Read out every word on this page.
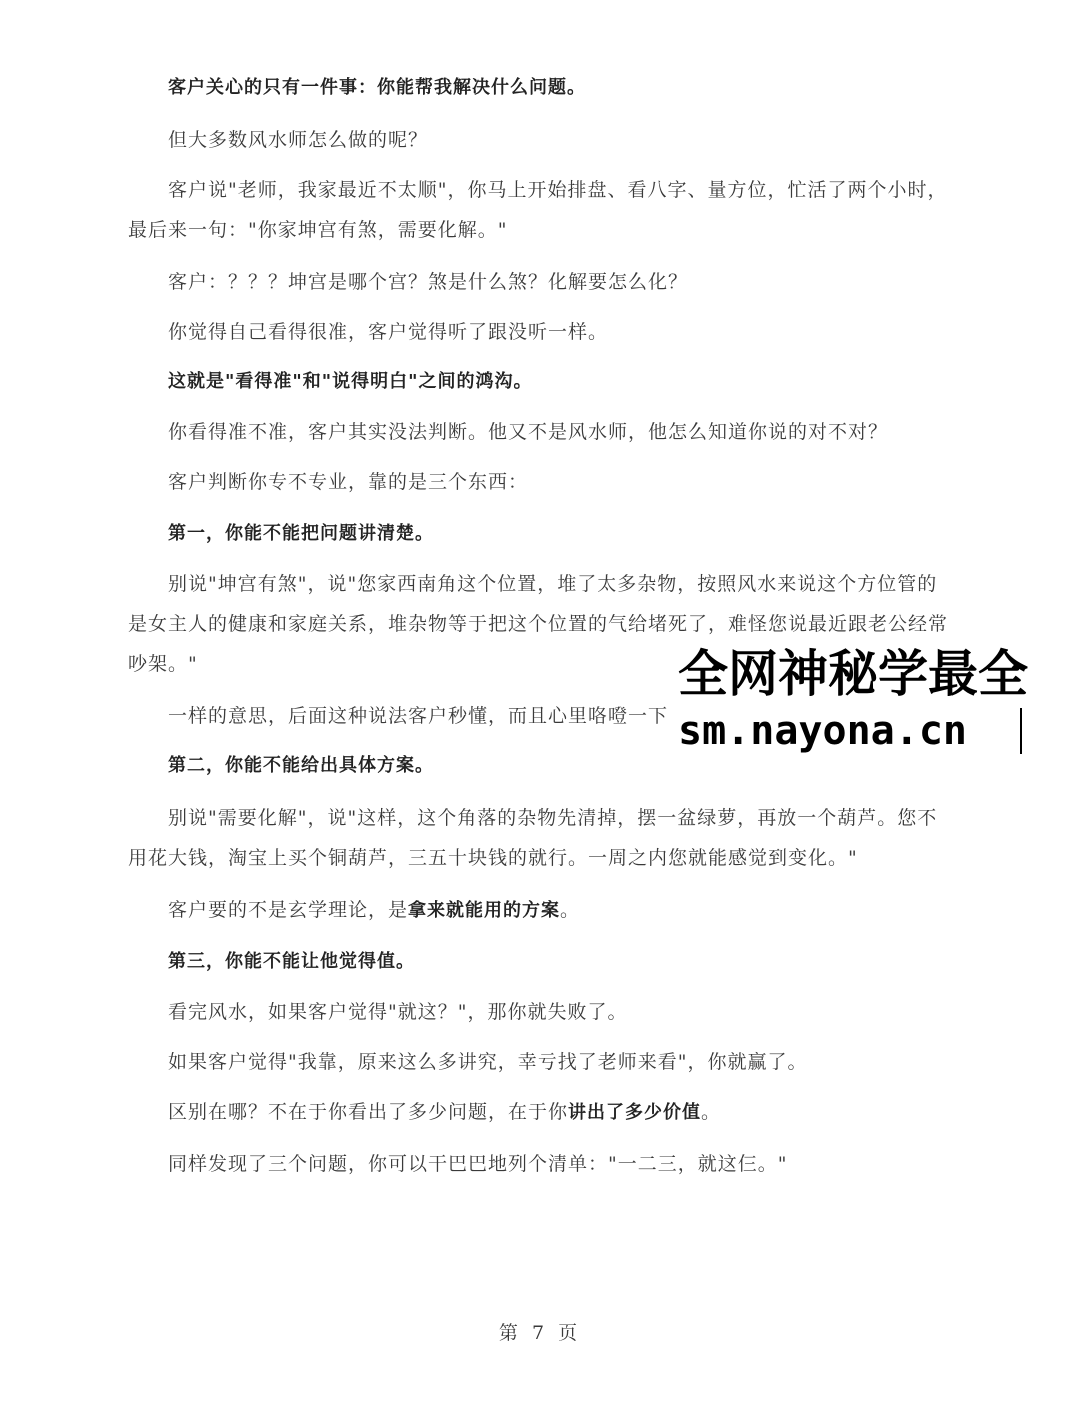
客户关心的只有一件事：你能帮我解决什么问题。

但大多数风水师怎么做的呢？

客户说"老师，我家最近不太顺"，你马上开始排盘、看八字、量方位，忙活了两个小时，最后来一句："你家坤宫有煞，需要化解。"

客户：？？？坤宫是哪个宫？煞是什么煞？化解要怎么化？

你觉得自己看得很准，客户觉得听了跟没听一样。

这就是"看得准"和"说得明白"之间的鸿沟。

你看得准不准，客户其实没法判断。他又不是风水师，他怎么知道你说的对不对？

客户判断你专不专业，靠的是三个东西：

第一，你能不能把问题讲清楚。

别说"坤宫有煞"，说"您家西南角这个位置，堆了太多杂物，按照风水来说这个方位管的是女主人的健康和家庭关系，堆杂物等于把这个位置的气给堵死了，难怪您说最近跟老公经常吵架。"

一样的意思，后面这种说法客户秒懂，而且心里咯噔一下

第二，你能不能给出具体方案。

别说"需要化解"，说"这样，这个角落的杂物先清掉，摆一盆绿萝，再放一个葫芦。您不用花大钱，淘宝上买个铜葫芦，三五十块钱的就行。一周之内您就能感觉到变化。"

客户要的不是玄学理论，是拿来就能用的方案。

第三，你能不能让他觉得值。

看完风水，如果客户觉得"就这？"，那你就失败了。

如果客户觉得"我靠，原来这么多讲究，幸亏找了老师来看"，你就赢了。

区别在哪？不在于你看出了多少问题，在于你讲出了多少价值。

同样发现了三个问题，你可以干巴巴地列个清单："一二三，就这仨。"

第 7 页
全网神秘学最全
sm.nayona.cn
